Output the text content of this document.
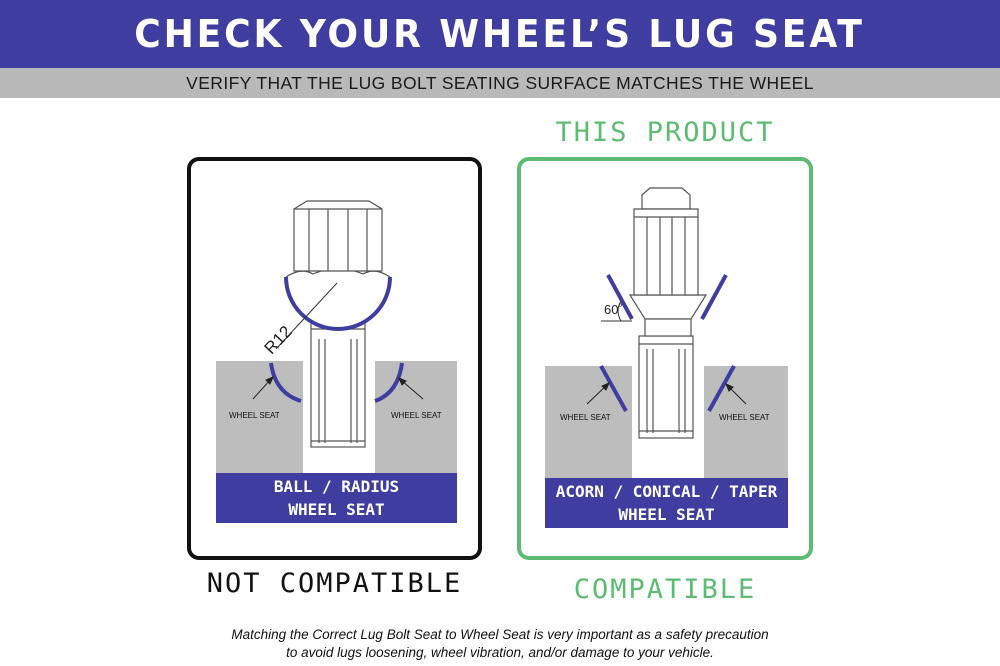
CHECK YOUR WHEEL’S LUG SEAT
VERIFY THAT THE LUG BOLT SEATING SURFACE MATCHES THE WHEEL
THIS PRODUCT
R12
WHEEL SEAT	WHEEL SEAT
BALL / RADIUS
WHEEL SEAT
60˚
WHEEL SEAT	WHEEL SEAT
ACORN / CONICAL / TAPER
WHEEL SEAT
NOT COMPATIBLE	COMPATIBLE
Matching the Correct Lug Bolt Seat to Wheel Seat is very important as a safety precaution
to avoid lugs loosening, wheel vibration, and/or damage to your vehicle.
